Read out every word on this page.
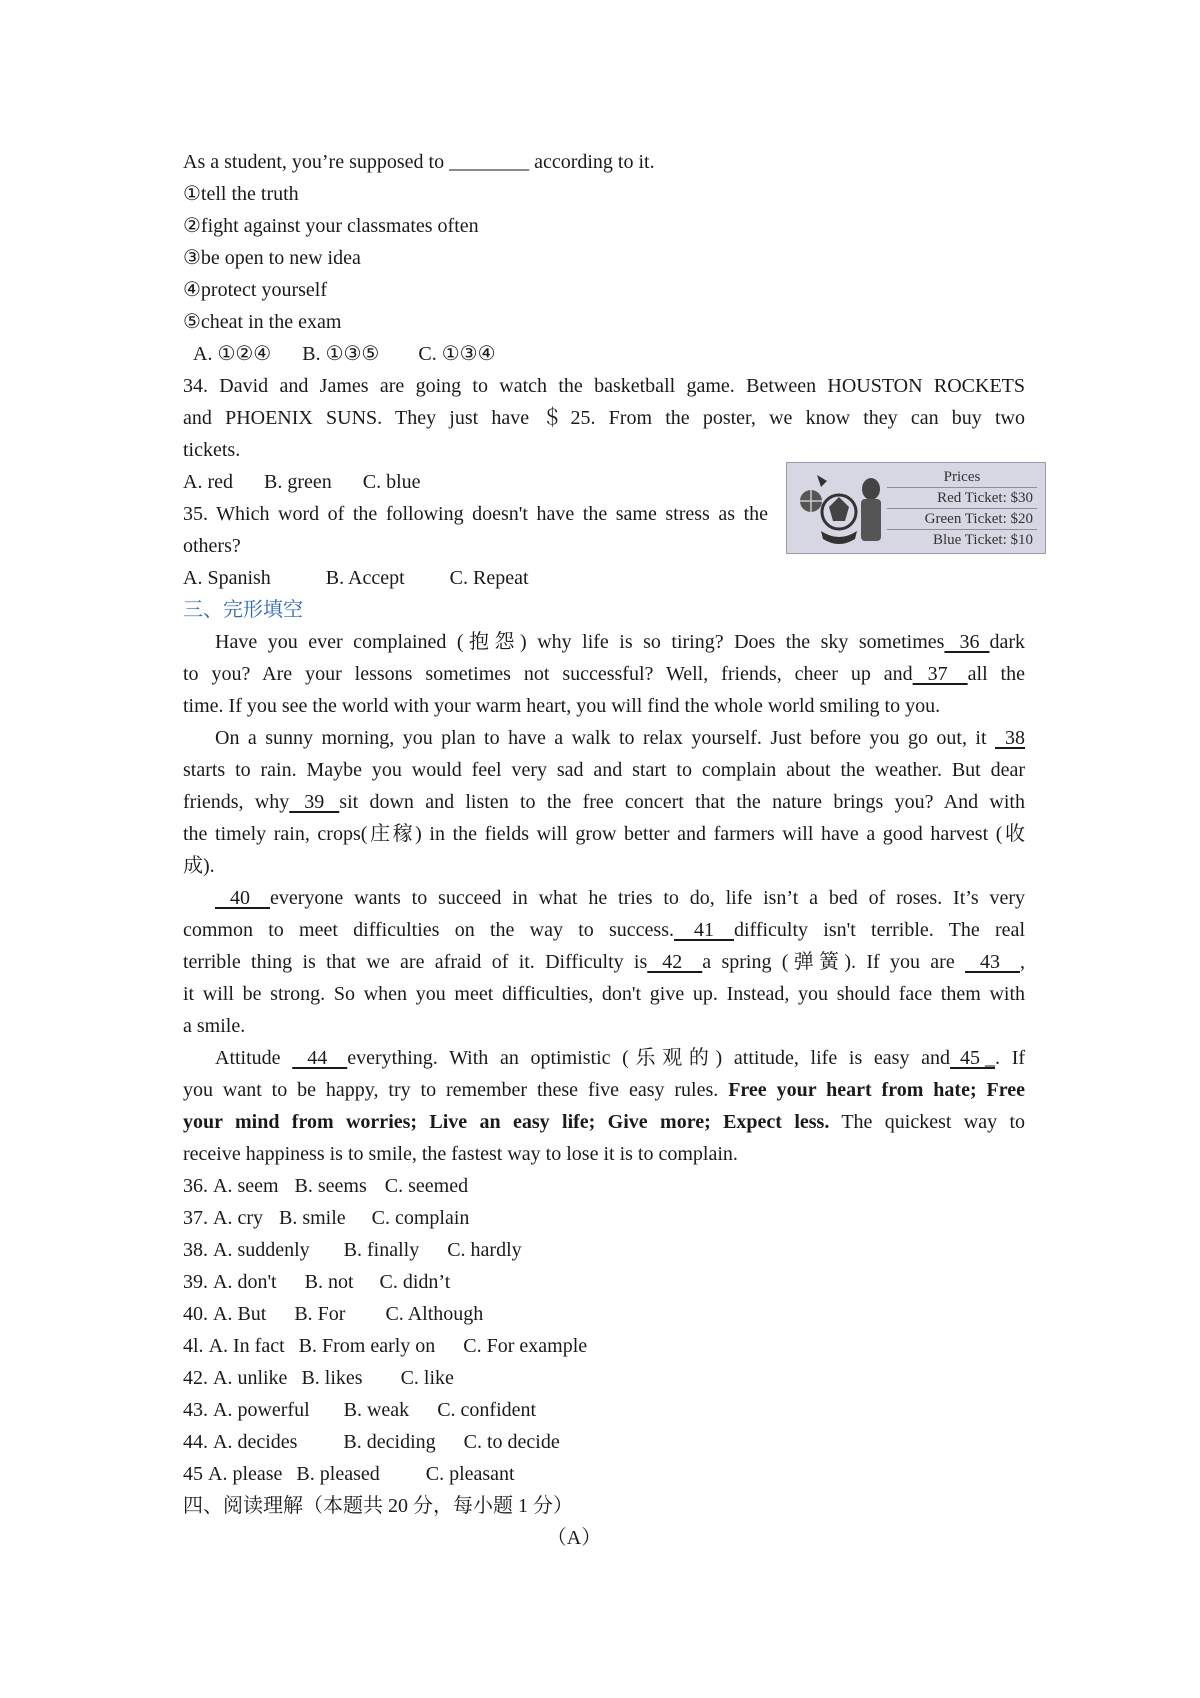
As a student, you’re supposed to ________ according to it.
①tell the truth
②fight against your classmates often
③be open to new idea
④protect yourself
⑤cheat in the exam
A. ①②④ B. ①③⑤ C. ①③④
34. David and James are going to watch the basketball game. Between HOUSTON ROCKETS
and PHOENIX SUNS. They just have ＄25. From the poster, we know they can buy two
tickets.
A. red B. green C. blue
35. Which word of the following doesn't have the same stress as the
others?
A. Spanish	B. Accept C. Repeat
三、完形填空
Have you ever complained (抱怨) why life is so tiring? Does the sky sometimes   36  dark
to you? Are your lessons sometimes not successful? Well, friends, cheer up and   37    all the
time. If you see the world with your warm heart, you will find the whole world smiling to you.
On a sunny morning, you plan to have a walk to relax yourself. Just before you go out, it   38
starts to rain. Maybe you would feel very sad and start to complain about the weather. But dear
friends, why   39   sit down and listen to the free concert that the nature brings you? And with
the timely rain, crops(庄稼) in the fields will grow better and farmers will have a good harvest (收
成).
40    everyone wants to succeed in what he tries to do, life isn’t a bed of roses. It’s very
common to meet difficulties on the way to success.    41    difficulty isn't terrible. The real
terrible thing is that we are afraid of it. Difficulty is   42    a spring (弹簧). If you are    43    ,
it will be strong. So when you meet difficulties, don't give up. Instead, you should face them with
a smile.
Attitude    44    everything. With an optimistic (乐观的) attitude, life is easy and  45 _. If
you want to be happy, try to remember these five easy rules. Free your heart from hate; Free
your mind from worries; Live an easy life; Give more; Expect less. The quickest way to
receive happiness is to smile, the fastest way to lose it is to complain.
36. A. seem B. seems C. seemed
37. A. cry B. smile C. complain
38. A. suddenly B. finally C. hardly
39. A. don't B. not C. didn’t
40. A. But B. For C. Although
4l. A. In fact B. From early on C. For example
42. A. unlike B. likes C. like
43. A. powerful B. weak C. confident
44. A. decides B. deciding C. to decide
45 A. please B. pleased C. pleasant
四、阅读理解（本题共 20 分，每小题 1 分）
（A）
Prices
Red Ticket: $30
Green Ticket: $20
Blue Ticket: $10
